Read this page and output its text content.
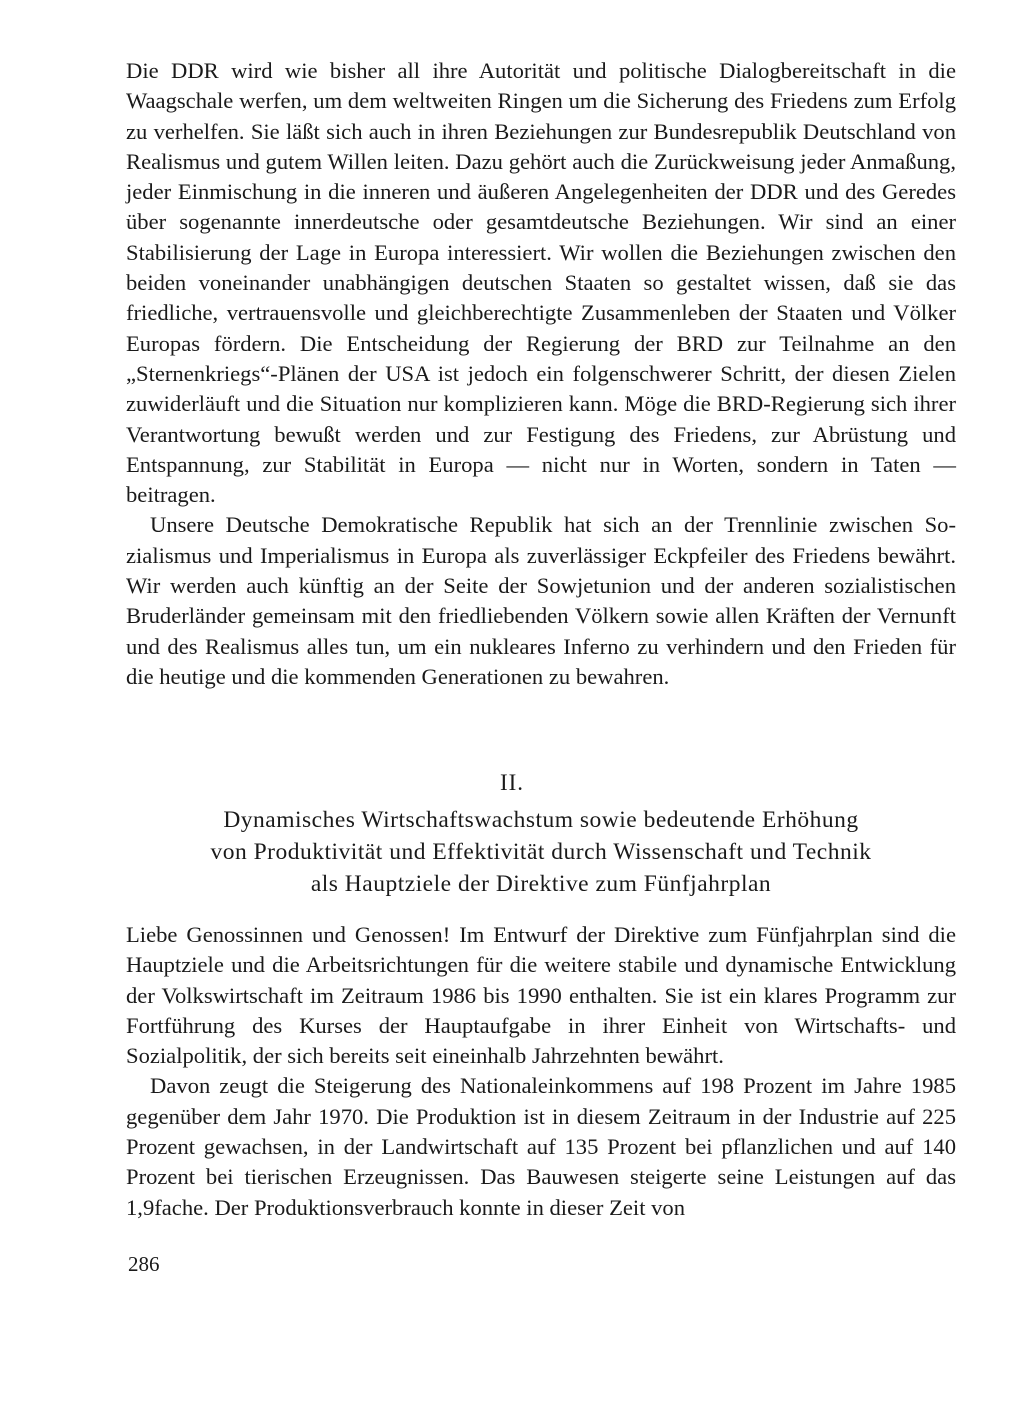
Die DDR wird wie bisher all ihre Autorität und politische Dialogbereitschaft in die Waagschale werfen, um dem weltweiten Ringen um die Sicherung des Friedens zum Erfolg zu verhelfen. Sie läßt sich auch in ihren Beziehungen zur Bundesrepublik Deutschland von Realismus und gutem Willen leiten. Dazu gehört auch die Zurückweisung jeder Anmaßung, jeder Einmischung in die inneren und äußeren Angelegenheiten der DDR und des Geredes über sogenannte innerdeutsche oder gesamtdeutsche Beziehungen. Wir sind an einer Stabilisierung der Lage in Europa interessiert. Wir wollen die Beziehungen zwischen den beiden voneinander unabhängigen deutschen Staaten so gestaltet wissen, daß sie das friedliche, vertrauensvolle und gleichberechtigte Zusammenleben der Staaten und Völker Europas fördern. Die Entscheidung der Regierung der BRD zur Teilnahme an den „Sternenkriegs“-Plänen der USA ist jedoch ein folgenschwerer Schritt, der diesen Zielen zuwiderläuft und die Situation nur komplizieren kann. Möge die BRD-Regierung sich ihrer Verantwortung bewußt werden und zur Festigung des Friedens, zur Abrüstung und Entspannung, zur Stabilität in Europa — nicht nur in Worten, sondern in Taten — beitragen.

Unsere Deutsche Demokratische Republik hat sich an der Trennlinie zwischen Sozialismus und Imperialismus in Europa als zuverlässiger Eckpfeiler des Friedens bewährt. Wir werden auch künftig an der Seite der Sowjetunion und der anderen sozialistischen Bruderländer gemeinsam mit den friedliebenden Völkern sowie allen Kräften der Vernunft und des Realismus alles tun, um ein nukleares Inferno zu verhindern und den Frieden für die heutige und die kommenden Generationen zu bewahren.

II.
Dynamisches Wirtschaftswachstum sowie bedeutende Erhöhung
von Produktivität und Effektivität durch Wissenschaft und Technik
als Hauptziele der Direktive zum Fünfjahrplan

Liebe Genossinnen und Genossen! Im Entwurf der Direktive zum Fünfjahrplan sind die Hauptziele und die Arbeitsrichtungen für die weitere stabile und dynamische Entwicklung der Volkswirtschaft im Zeitraum 1986 bis 1990 enthalten. Sie ist ein klares Programm zur Fortführung des Kurses der Hauptaufgabe in ihrer Einheit von Wirtschafts- und Sozialpolitik, der sich bereits seit eineinhalb Jahrzehnten bewährt.

Davon zeugt die Steigerung des Nationaleinkommens auf 198 Prozent im Jahre 1985 gegenüber dem Jahr 1970. Die Produktion ist in diesem Zeitraum in der Industrie auf 225 Prozent gewachsen, in der Landwirtschaft auf 135 Prozent bei pflanzlichen und auf 140 Prozent bei tierischen Erzeugnissen. Das Bauwesen steigerte seine Leistungen auf das 1,9fache. Der Produktionsverbrauch konnte in dieser Zeit von

286
